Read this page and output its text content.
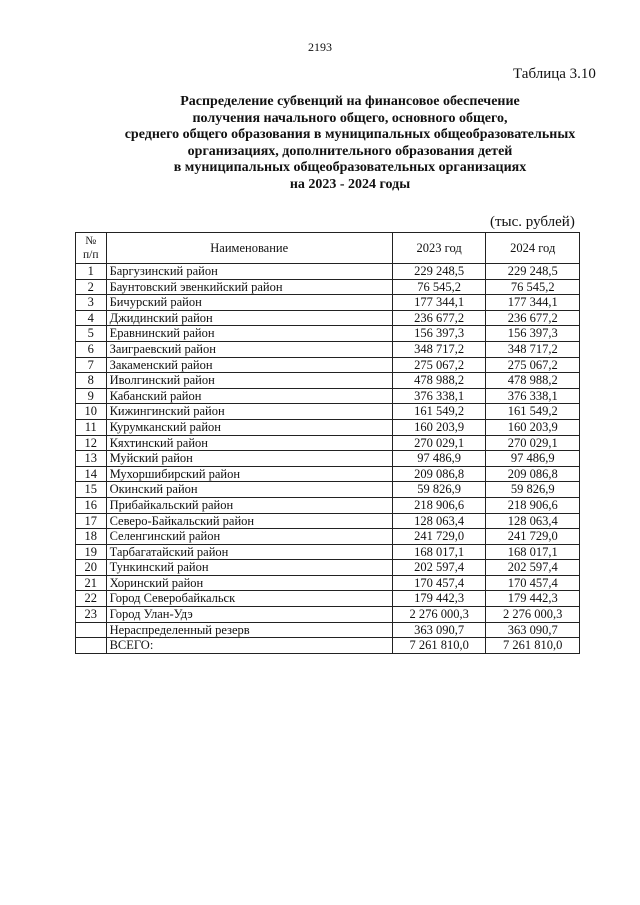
2193
Таблица 3.10
Распределение субвенций на финансовое обеспечение
получения начального общего, основного общего,
среднего общего образования в муниципальных общеобразовательных
организациях, дополнительного образования детей
в муниципальных общеобразовательных организациях
на 2023 - 2024 годы
(тыс. рублей)
№
п/п	Наименование	2023 год	2024 год
1	Баргузинский район	229 248,5	229 248,5
2	Баунтовский эвенкийский район	76 545,2	76 545,2
3	Бичурский район	177 344,1	177 344,1
4	Джидинский район	236 677,2	236 677,2
5	Еравнинский район	156 397,3	156 397,3
6	Заиграевский район	348 717,2	348 717,2
7	Закаменский район	275 067,2	275 067,2
8	Иволгинский район	478 988,2	478 988,2
9	Кабанский район	376 338,1	376 338,1
10	Кижингинский район	161 549,2	161 549,2
11	Курумканский район	160 203,9	160 203,9
12	Кяхтинский район	270 029,1	270 029,1
13	Муйский район	97 486,9	97 486,9
14	Мухоршибирский район	209 086,8	209 086,8
15	Окинский район	59 826,9	59 826,9
16	Прибайкальский район	218 906,6	218 906,6
17	Северо-Байкальский район	128 063,4	128 063,4
18	Селенгинский район	241 729,0	241 729,0
19	Тарбагатайский район	168 017,1	168 017,1
20	Тункинский район	202 597,4	202 597,4
21	Хоринский район	170 457,4	170 457,4
22	Город Северобайкальск	179 442,3	179 442,3
23	Город Улан-Удэ	2 276 000,3	2 276 000,3
	Нераспределенный резерв	363 090,7	363 090,7
	ВСЕГО:	7 261 810,0	7 261 810,0
